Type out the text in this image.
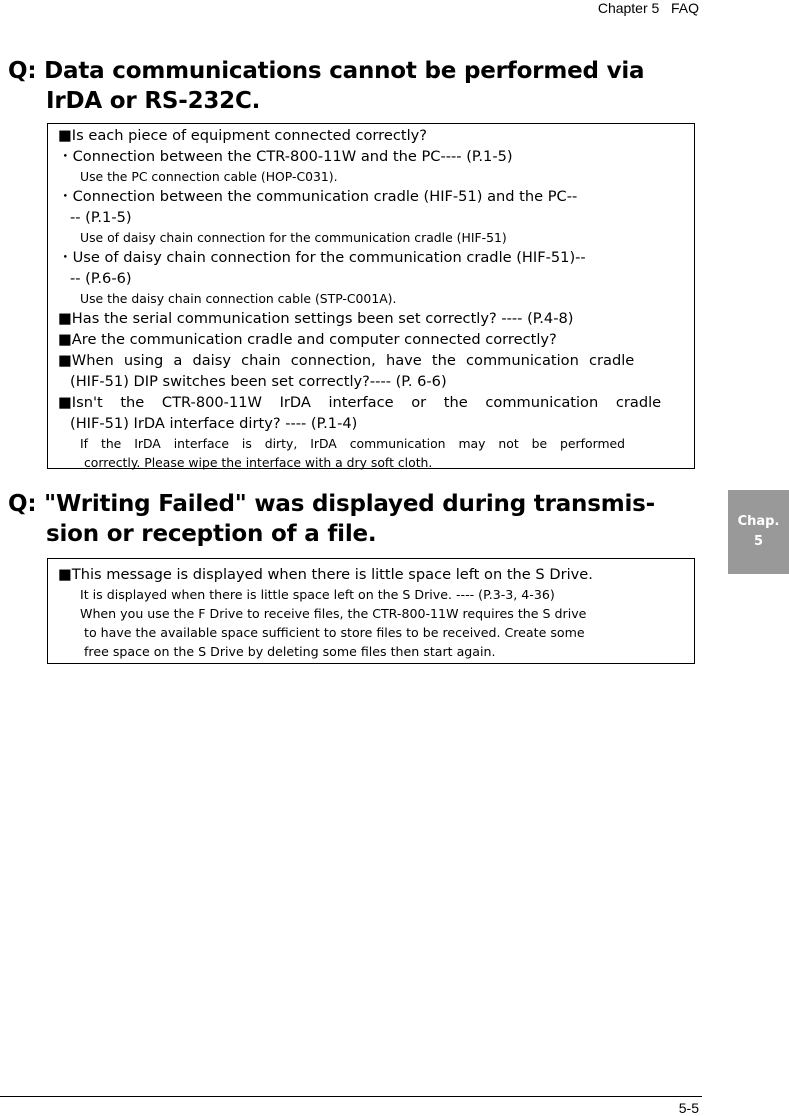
Chapter 5 FAQ
Q: Data communications cannot be performed via
IrDA or RS-232C.
■Is each piece of equipment connected correctly?
・Connection between the CTR-800-11W and the PC---- (P.1-5)
Use the PC connection cable (HOP-C031).
・Connection between the communication cradle (HIF-51) and the PC--
-- (P.1-5)
Use of daisy chain connection for the communication cradle (HIF-51)
・Use of daisy chain connection for the communication cradle (HIF-51)--
-- (P.6-6)
Use the daisy chain connection cable (STP-C001A).
■Has the serial communication settings been set correctly? ---- (P.4-8)
■Are the communication cradle and computer connected correctly?
■When using a daisy chain connection, have the communication cradle
(HIF-51) DIP switches been set correctly?---- (P. 6-6)
■Isn't the CTR-800-11W IrDA interface or the communication cradle
(HIF-51) IrDA interface dirty? ---- (P.1-4)
If the IrDA interface is dirty, IrDA communication may not be performed
correctly. Please wipe the interface with a dry soft cloth.
Q: "Writing Failed" was displayed during transmis-
sion or reception of a file.
■This message is displayed when there is little space left on the S Drive.
It is displayed when there is little space left on the S Drive. ---- (P.3-3, 4-36)
When you use the F Drive to receive files, the CTR-800-11W requires the S drive
to have the available space sufficient to store files to be received. Create some
free space on the S Drive by deleting some files then start again.
Chap.
5
5-5
